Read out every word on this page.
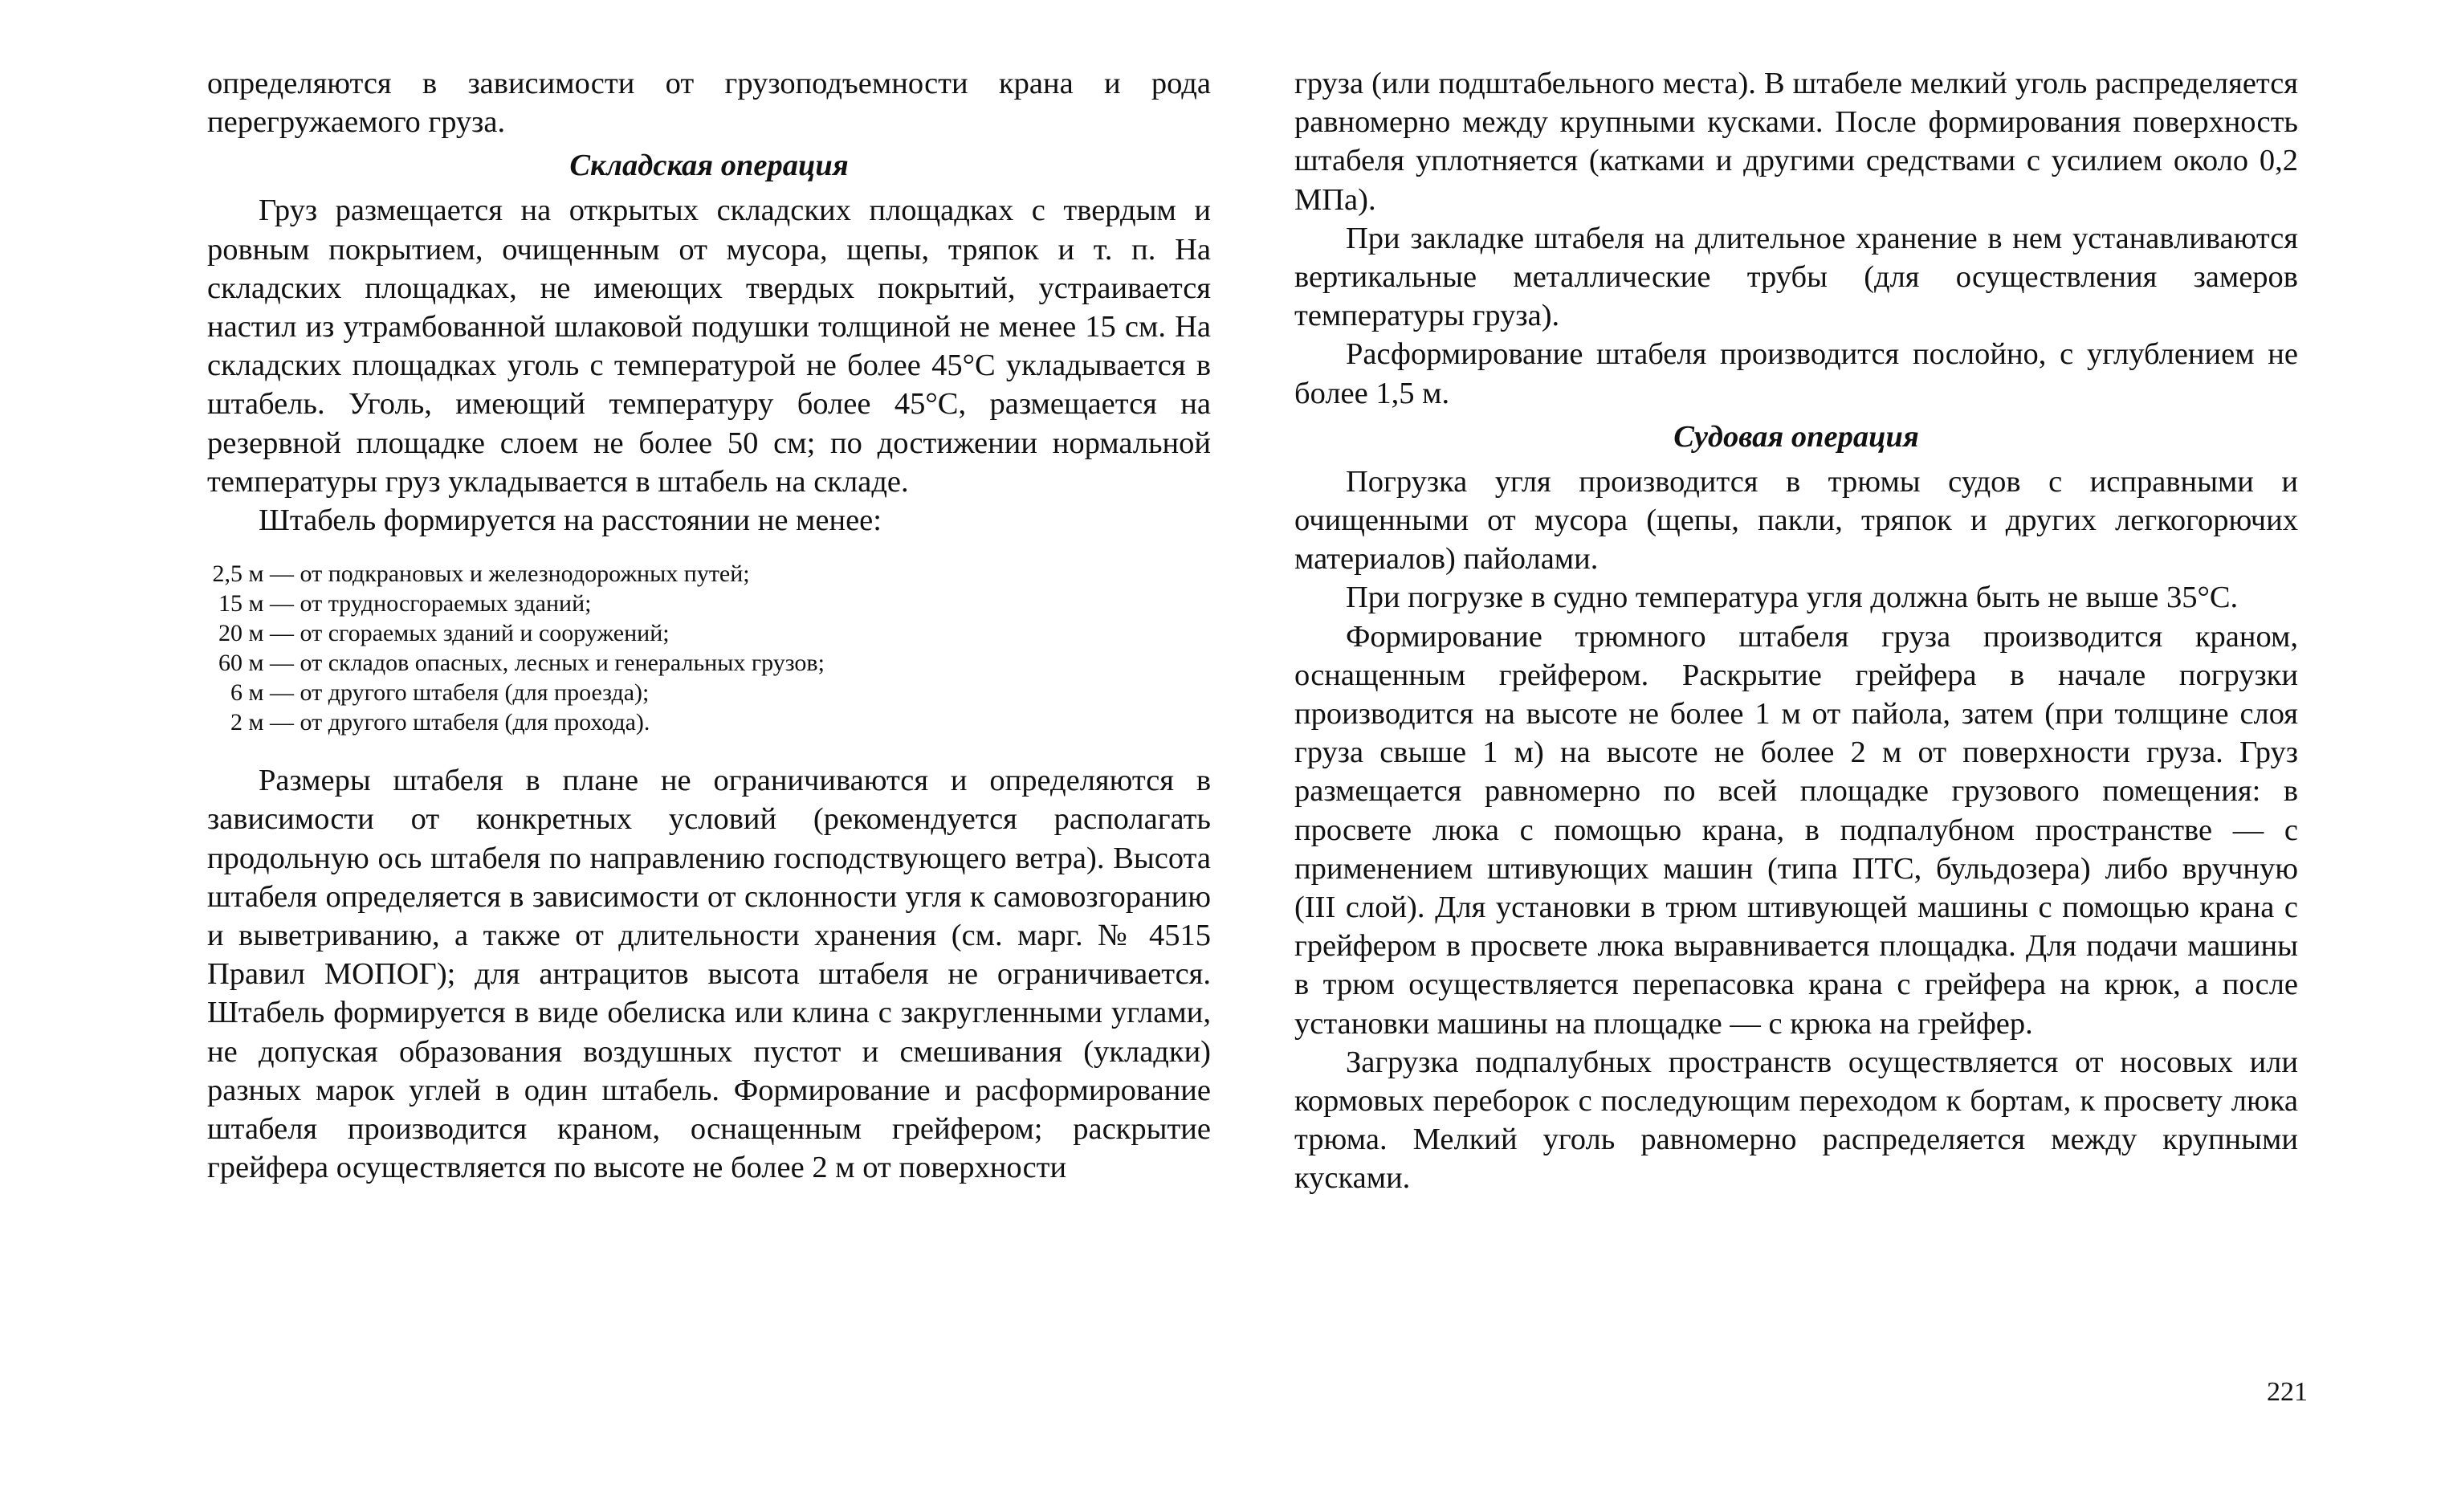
определяются в зависимости от грузоподъемности крана и рода перегружаемого груза.

Складская операция

Груз размещается на открытых складских площадках с твердым и ровным покрытием, очищенным от мусора, щепы, тряпок и т. п. На складских площадках, не имеющих твердых покрытий, устраивается настил из утрамбованной шлаковой подушки толщиной не менее 15 см. На складских площадках уголь с температурой не более 45°С укладывается в штабель. Уголь, имеющий температуру более 45°С, размещается на резервной площадке слоем не более 50 см; по достижении нормальной температуры груз укладывается в штабель на складе.

Штабель формируется на расстоянии не менее:

2,5 м — от подкрановых и железнодорожных путей;
15 м — от трудносгораемых зданий;
20 м — от сгораемых зданий и сооружений;
60 м — от складов опасных, лесных и генеральных грузов;
6 м — от другого штабеля (для проезда);
2 м — от другого штабеля (для прохода).

Размеры штабеля в плане не ограничиваются и определяются в зависимости от конкретных условий (рекомендуется располагать продольную ось штабеля по направлению господствующего ветра). Высота штабеля определяется в зависимости от склонности угля к самовозгоранию и выветриванию, а также от длительности хранения (см. марг. № 4515 Правил МОПОГ); для антрацитов высота штабеля не ограничивается. Штабель формируется в виде обелиска или клина с закругленными углами, не допуская образования воздушных пустот и смешивания (укладки) разных марок углей в один штабель. Формирование и расформирование штабеля производится краном, оснащенным грейфером; раскрытие грейфера осуществляется по высоте не более 2 м от поверхности

груза (или подштабельного места). В штабеле мелкий уголь распределяется равномерно между крупными кусками. После формирования поверхность штабеля уплотняется (катками и другими средствами с усилием около 0,2 МПа).

При закладке штабеля на длительное хранение в нем устанавливаются вертикальные металлические трубы (для осуществления замеров температуры груза).

Расформирование штабеля производится послойно, с углублением не более 1,5 м.

Судовая операция

Погрузка угля производится в трюмы судов с исправными и очищенными от мусора (щепы, пакли, тряпок и других легкогорючих материалов) пайолами.

При погрузке в судно температура угля должна быть не выше 35°С.

Формирование трюмного штабеля груза производится краном, оснащенным грейфером. Раскрытие грейфера в начале погрузки производится на высоте не более 1 м от пайола, затем (при толщине слоя груза свыше 1 м) на высоте не более 2 м от поверхности груза. Груз размещается равномерно по всей площадке грузового помещения: в просвете люка с помощью крана, в подпалубном пространстве — с применением штивующих машин (типа ПТС, бульдозера) либо вручную (III слой). Для установки в трюм штивующей машины с помощью крана с грейфером в просвете люка выравнивается площадка. Для подачи машины в трюм осуществляется перепасовка крана с грейфера на крюк, а после установки машины на площадке — с крюка на грейфер.

Загрузка подпалубных пространств осуществляется от носовых или кормовых переборок с последующим переходом к бортам, к просвету люка трюма. Мелкий уголь равномерно распределяется между крупными кусками.

221
